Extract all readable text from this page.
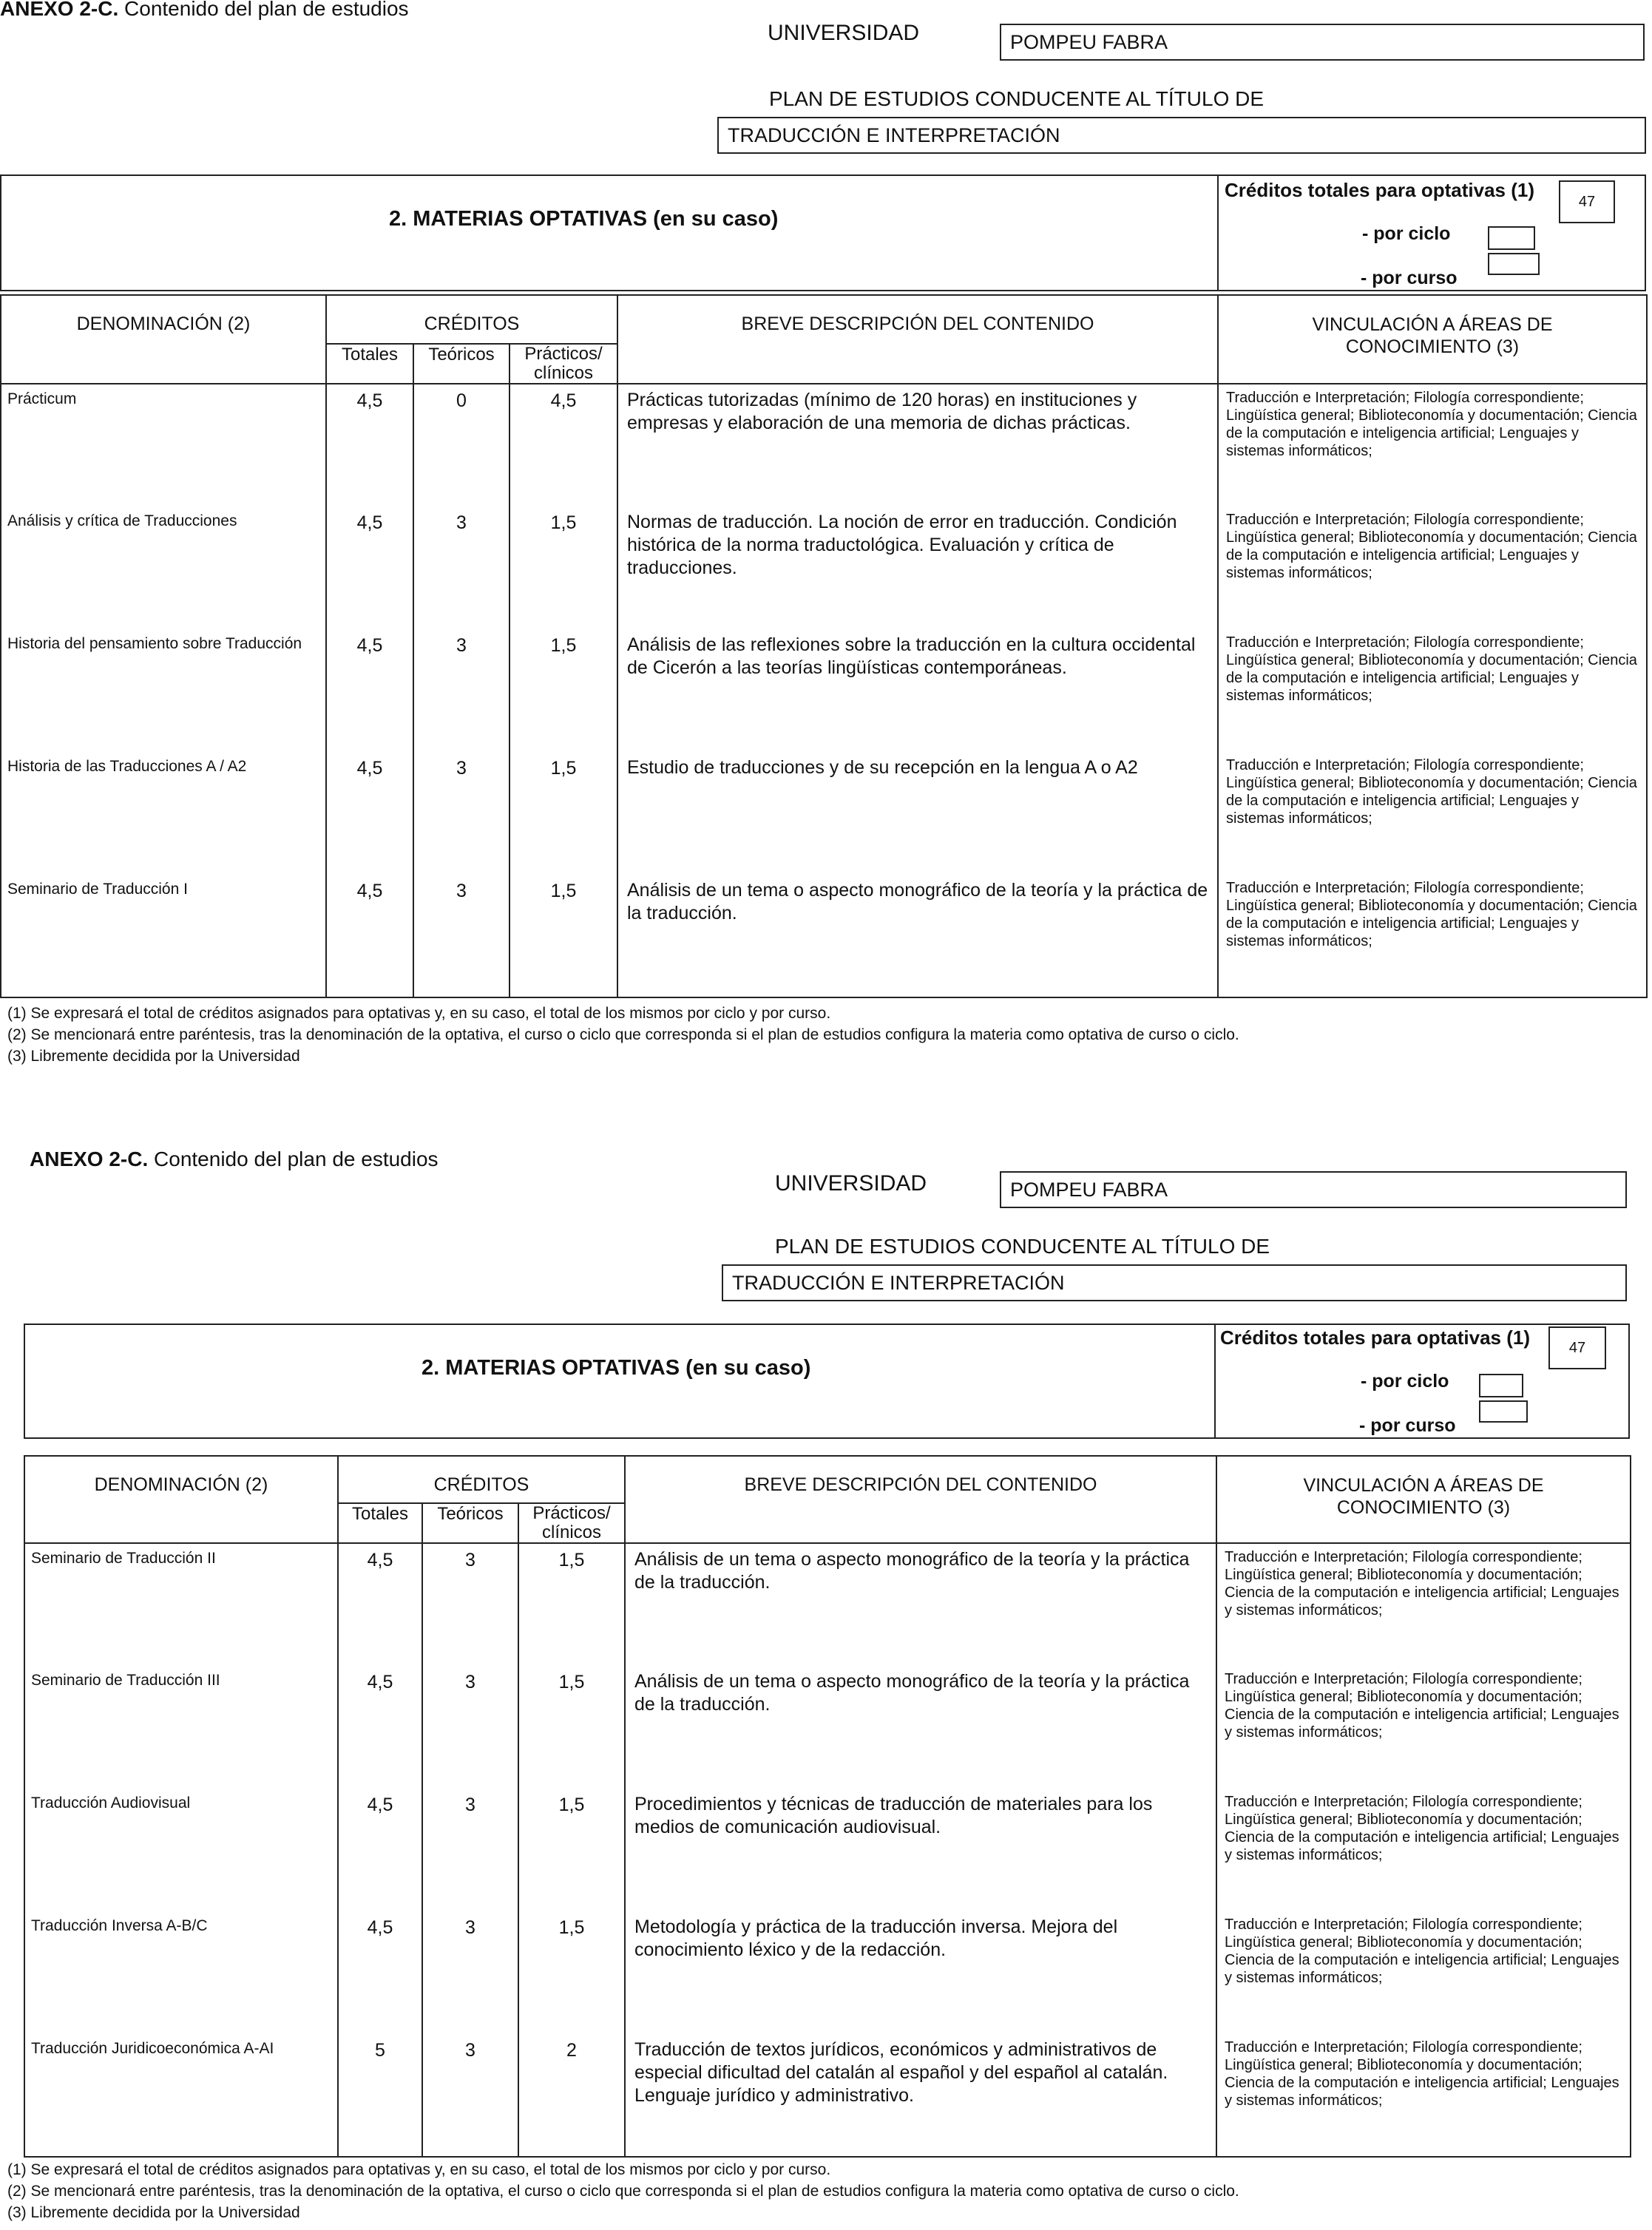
ANEXO 2-C. Contenido del plan de estudios
UNIVERSIDAD	POMPEU FABRA
PLAN DE ESTUDIOS CONDUCENTE AL TÍTULO DE
TRADUCCIÓN E INTERPRETACIÓN
2. MATERIAS OPTATIVAS (en su caso)
Créditos totales para optativas (1)
47
- por ciclo
- por curso
DENOMINACIÓN (2)	CRÉDITOS			BREVE DESCRIPCIÓN DEL CONTENIDO	VINCULACIÓN A ÁREAS DE CONOCIMIENTO (3)
	Totales	Teóricos	Prácticos/ clínicos		
Prácticum	4,5	0	4,5	Prácticas tutorizadas (mínimo de 120 horas) en instituciones y empresas y elaboración de una memoria de dichas prácticas.	Traducción e Interpretación; Filología correspondiente; Lingüística general; Biblioteconomía y documentación; Ciencia de la computación e inteligencia artificial; Lenguajes y sistemas informáticos;
Análisis y crítica de Traducciones	4,5	3	1,5	Normas de traducción. La noción de error en traducción. Condición histórica de la norma traductológica. Evaluación y crítica de traducciones.	Traducción e Interpretación; Filología correspondiente; Lingüística general; Biblioteconomía y documentación; Ciencia de la computación e inteligencia artificial; Lenguajes y sistemas informáticos;
Historia del pensamiento sobre Traducción	4,5	3	1,5	Análisis de las reflexiones sobre la traducción en la cultura occidental de Cicerón a las teorías lingüísticas contemporáneas.	Traducción e Interpretación; Filología correspondiente; Lingüística general; Biblioteconomía y documentación; Ciencia de la computación e inteligencia artificial; Lenguajes y sistemas informáticos;
Historia de las Traducciones A / A2	4,5	3	1,5	Estudio de traducciones y de su recepción en la lengua A o A2	Traducción e Interpretación; Filología correspondiente; Lingüística general; Biblioteconomía y documentación; Ciencia de la computación e inteligencia artificial; Lenguajes y sistemas informáticos;
Seminario de Traducción I	4,5	3	1,5	Análisis de un tema o aspecto monográfico de la teoría y la práctica de la traducción.	Traducción e Interpretación; Filología correspondiente; Lingüística general; Biblioteconomía y documentación; Ciencia de la computación e inteligencia artificial; Lenguajes y sistemas informáticos;
(1) Se expresará el total de créditos asignados para optativas y, en su caso, el total de los mismos por ciclo y por curso.
(2) Se mencionará entre paréntesis, tras la denominación de la optativa, el curso o ciclo que corresponda si el plan de estudios configura la materia como optativa de curso o ciclo.
(3) Libremente decidida por la Universidad
ANEXO 2-C. Contenido del plan de estudios
UNIVERSIDAD	POMPEU FABRA
PLAN DE ESTUDIOS CONDUCENTE AL TÍTULO DE
TRADUCCIÓN E INTERPRETACIÓN
2. MATERIAS OPTATIVAS (en su caso)
Créditos totales para optativas (1)	47
- por ciclo
- por curso
DENOMINACIÓN (2)	CRÉDITOS			BREVE DESCRIPCIÓN DEL CONTENIDO	VINCULACIÓN A ÁREAS DE CONOCIMIENTO (3)
	Totales	Teóricos	Prácticos/ clínicos		
Seminario de Traducción II	4,5	3	1,5	Análisis de un tema o aspecto monográfico de la teoría y la práctica de la traducción.	Traducción e Interpretación; Filología correspondiente; Lingüística general; Biblioteconomía y documentación; Ciencia de la computación e inteligencia artificial; Lenguajes y sistemas informáticos;
Seminario de Traducción III	4,5	3	1,5	Análisis de un tema o aspecto monográfico de la teoría y la práctica de la traducción.	Traducción e Interpretación; Filología correspondiente; Lingüística general; Biblioteconomía y documentación; Ciencia de la computación e inteligencia artificial; Lenguajes y sistemas informáticos;
Traducción Audiovisual	4,5	3	1,5	Procedimientos y técnicas de traducción de materiales para los medios de comunicación audiovisual.	Traducción e Interpretación; Filología correspondiente; Lingüística general; Biblioteconomía y documentación; Ciencia de la computación e inteligencia artificial; Lenguajes y sistemas informáticos;
Traducción Inversa A-B/C	4,5	3	1,5	Metodología y práctica de la traducción inversa. Mejora del conocimiento léxico y de la redacción.	Traducción e Interpretación; Filología correspondiente; Lingüística general; Biblioteconomía y documentación; Ciencia de la computación e inteligencia artificial; Lenguajes y sistemas informáticos;
Traducción Juridicoeconómica A-AI	5	3	2	Traducción de textos jurídicos, económicos y administrativos de especial dificultad del catalán al español y del español al catalán. Lenguaje jurídico y administrativo.	Traducción e Interpretación; Filología correspondiente; Lingüística general; Biblioteconomía y documentación; Ciencia de la computación e inteligencia artificial; Lenguajes y sistemas informáticos;
(1) Se expresará el total de créditos asignados para optativas y, en su caso, el total de los mismos por ciclo y por curso.
(2) Se mencionará entre paréntesis, tras la denominación de la optativa, el curso o ciclo que corresponda si el plan de estudios configura la materia como optativa de curso o ciclo.
(3) Libremente decidida por la Universidad
